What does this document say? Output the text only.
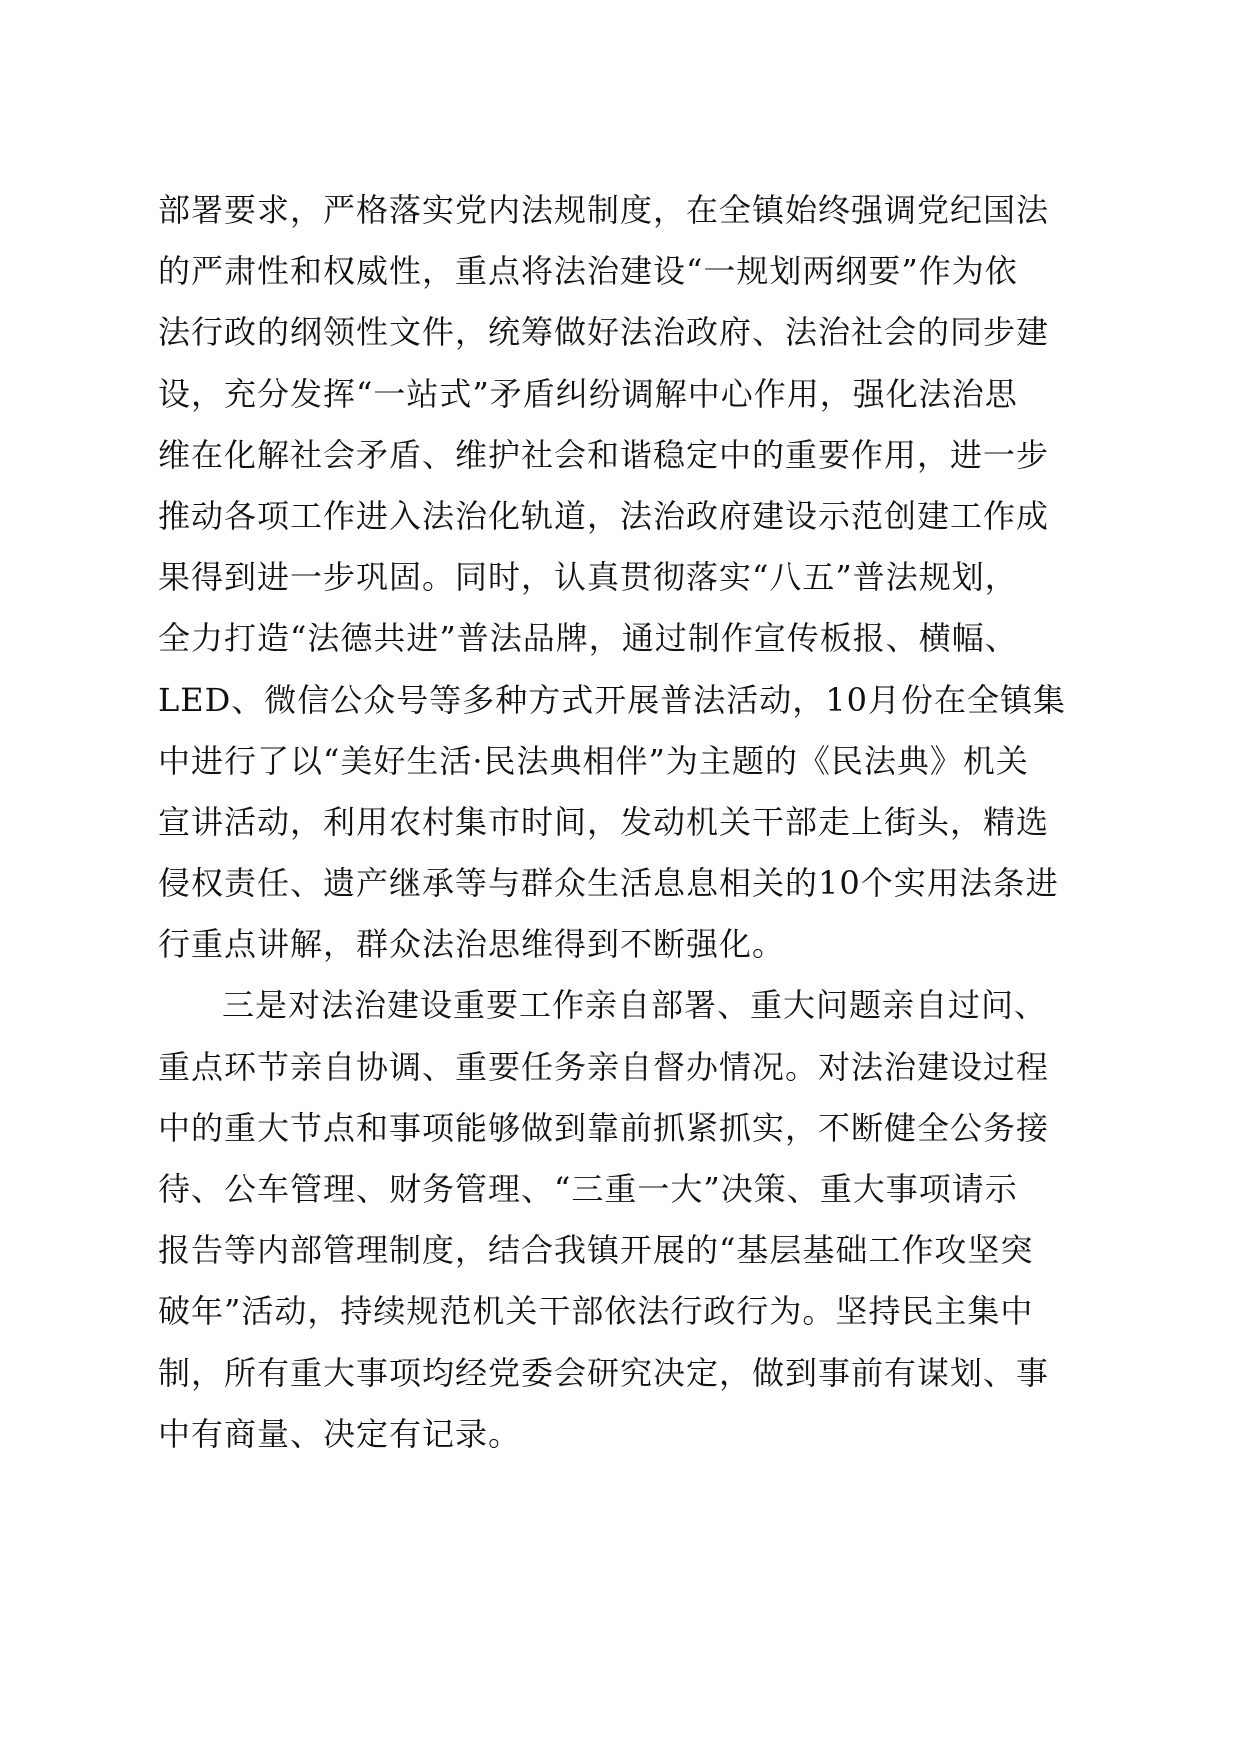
部署要求，严格落实党内法规制度，在全镇始终强调党纪国法
的严肃性和权威性，重点将法治建设“一规划两纲要”作为依
法行政的纲领性文件，统筹做好法治政府、法治社会的同步建
设，充分发挥“一站式”矛盾纠纷调解中心作用，强化法治思
维在化解社会矛盾、维护社会和谐稳定中的重要作用，进一步
推动各项工作进入法治化轨道，法治政府建设示范创建工作成
果得到进一步巩固。同时，认真贯彻落实“八五”普法规划，
全力打造“法德共进”普法品牌，通过制作宣传板报、横幅、
LED、微信公众号等多种方式开展普法活动，10月份在全镇集
中进行了以“美好生活·民法典相伴”为主题的《民法典》机关
宣讲活动，利用农村集市时间，发动机关干部走上街头，精选
侵权责任、遗产继承等与群众生活息息相关的10个实用法条进
行重点讲解，群众法治思维得到不断强化。
三是对法治建设重要工作亲自部署、重大问题亲自过问、
重点环节亲自协调、重要任务亲自督办情况。对法治建设过程
中的重大节点和事项能够做到靠前抓紧抓实，不断健全公务接
待、公车管理、财务管理、“三重一大”决策、重大事项请示
报告等内部管理制度，结合我镇开展的“基层基础工作攻坚突
破年”活动，持续规范机关干部依法行政行为。坚持民主集中
制，所有重大事项均经党委会研究决定，做到事前有谋划、事
中有商量、决定有记录。
